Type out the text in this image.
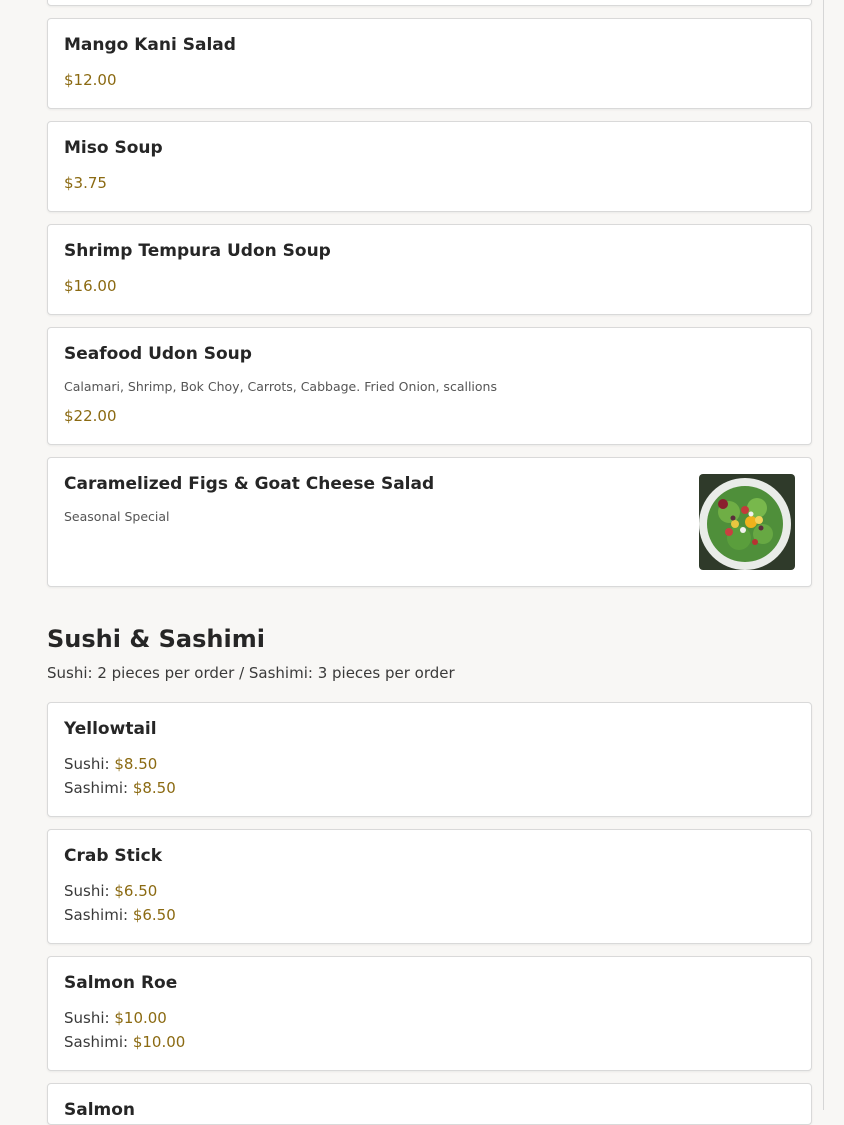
Mango Kani Salad
$12.00
Miso Soup
$3.75
Shrimp Tempura Udon Soup
$16.00
Seafood Udon Soup
Calamari, Shrimp, Bok Choy, Carrots, Cabbage. Fried Onion, scallions
$22.00
Caramelized Figs & Goat Cheese Salad
Seasonal Special
Sushi & Sashimi
Sushi: 2 pieces per order / Sashimi: 3 pieces per order
Yellowtail
Sushi: $8.50
Sashimi: $8.50
Crab Stick
Sushi: $6.50
Sashimi: $6.50
Salmon Roe
Sushi: $10.00
Sashimi: $10.00
Salmon
